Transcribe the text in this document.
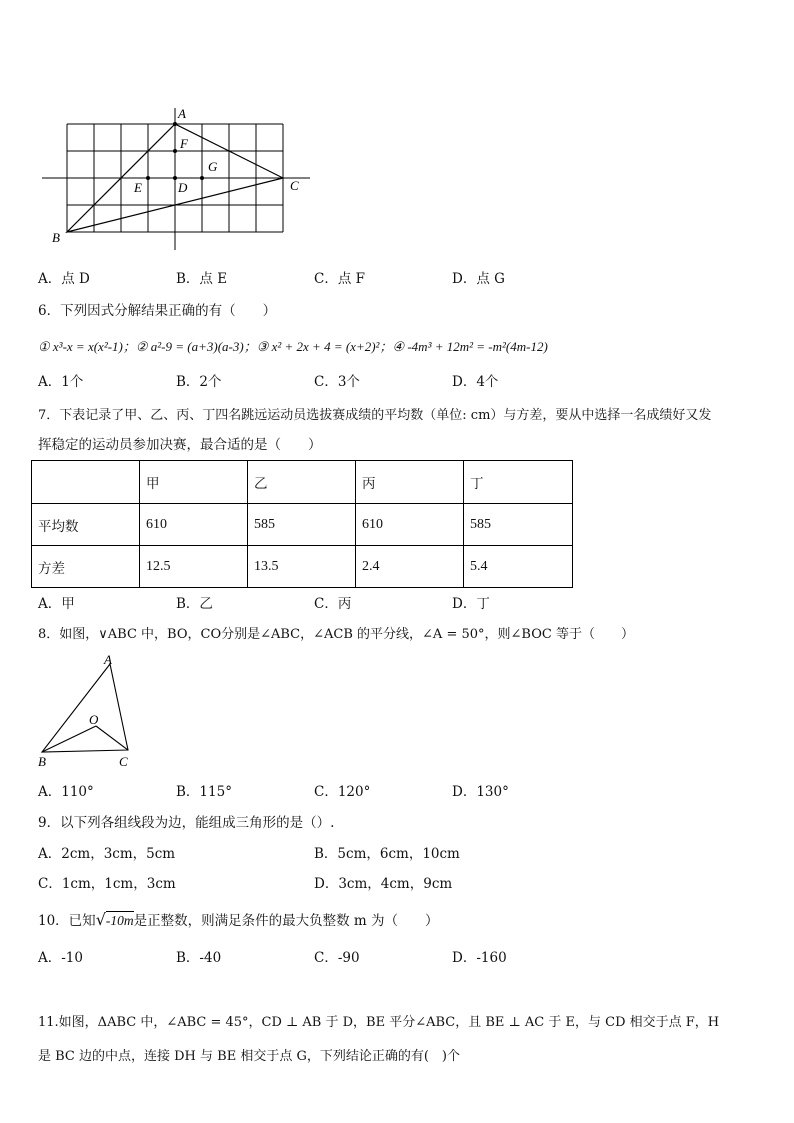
A
F
G
E	D	C
B
A．点 D	B．点 E	C．点 F	D．点 G
6．下列因式分解结果正确的有（　　）
① x³-x = x(x²-1)；② a²-9 = (a+3)(a-3)；③ x² + 2x + 4 = (x+2)²；④ -4m³ + 12m² = -m²(4m-12)
A．1个	B．2个	C．3个	D．4个
7．下表记录了甲、乙、丙、丁四名跳远运动员选拔赛成绩的平均数（单位: cm）与方差，要从中选择一名成绩好又发
挥稳定的运动员参加决赛，最合适的是（　　）
	甲	乙	丙	丁
平均数	610	585	610	585
方差	12.5	13.5	2.4	5.4
A．甲	B．乙	C．丙	D．丁
8．如图，∨ABC 中，BO，CO分别是∠ABC，∠ACB 的平分线，∠A = 50°，则∠BOC 等于（　　）
A
O
B	C
A．110°	B．115°	C．120°	D．130°
9．以下列各组线段为边，能组成三角形的是（）.
A．2cm，3cm，5cm	B．5cm，6cm，10cm
C．1cm，1cm，3cm	D．3cm，4cm，9cm
10．已知√-10m是正整数，则满足条件的最大负整数 m 为（　　）
A．-10	B．-40	C．-90	D．-160
11.如图，ΔABC 中，∠ABC = 45°，CD ⊥ AB 于 D，BE 平分∠ABC，且 BE ⊥ AC 于 E，与 CD 相交于点 F，H
是 BC 边的中点，连接 DH 与 BE 相交于点 G，下列结论正确的有(　)个
